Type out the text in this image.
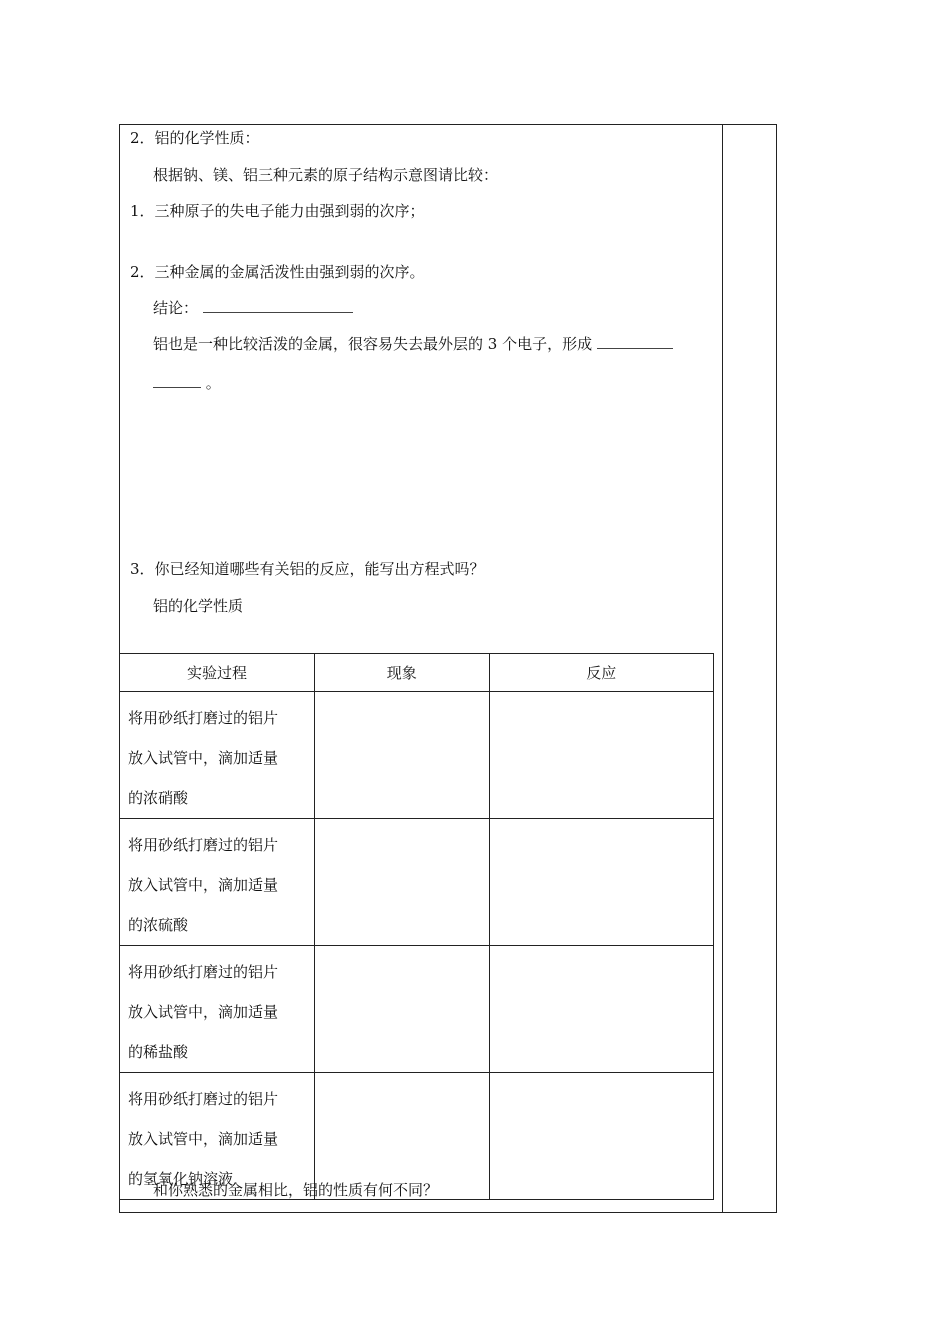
2．铝的化学性质：
根据钠、镁、铝三种元素的原子结构示意图请比较：
1．三种原子的失电子能力由强到弱的次序；
2．三种金属的金属活泼性由强到弱的次序。
结论：
铝也是一种比较活泼的金属，很容易失去最外层的 3 个电子，形成
。
3．你已经知道哪些有关铝的反应，能写出方程式吗？
铝的化学性质
实验过程	现象	反应

将用砂纸打磨过的铝片
放入试管中，滴加适量
的浓硝酸		

将用砂纸打磨过的铝片
放入试管中，滴加适量
的浓硫酸		

将用砂纸打磨过的铝片
放入试管中，滴加适量
的稀盐酸		

将用砂纸打磨过的铝片
放入试管中，滴加适量
的氢氧化钠溶液		

和你熟悉的金属相比，铝的性质有何不同？
